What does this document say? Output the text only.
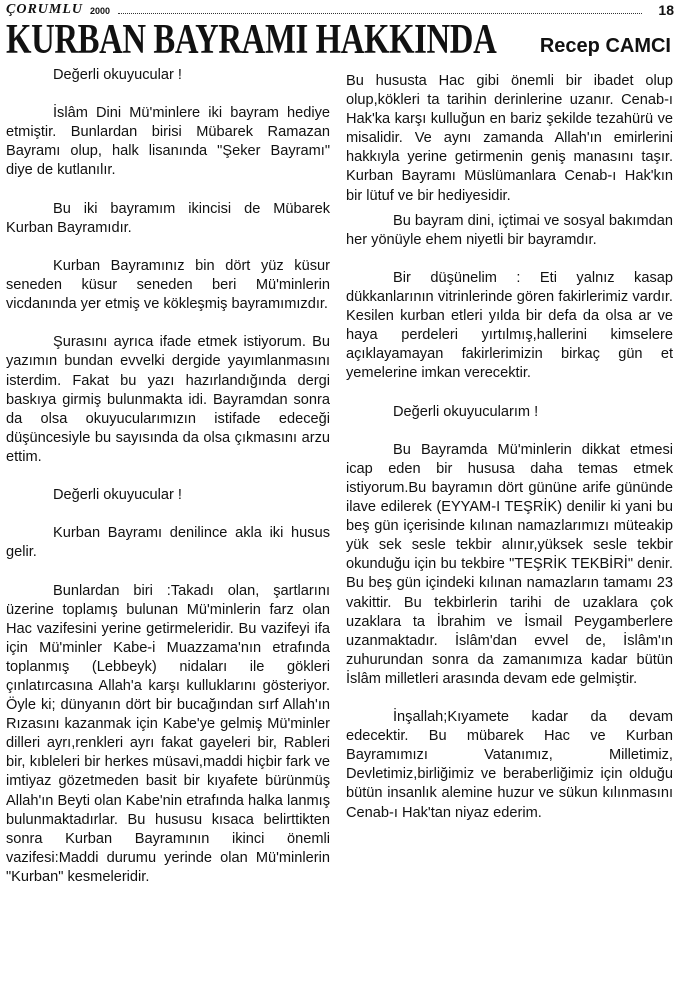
ÇORUMLU 2000	18
KURBAN BAYRAMI HAKKINDA Recep CAMCI

Değerli okuyucular !

İslâm Dini Mü'minlere iki bayram hediye etmiştir. Bunlardan birisi Mübarek Ramazan Bayramı olup, halk lisanında "Şeker Bayramı" diye de kutlanılır.

Bu iki bayramım ikincisi de Mübarek Kurban Bayramıdır.

Kurban Bayramınız bin dört yüz küsur seneden küsur seneden beri Mü'minlerin vicdanında yer etmiş ve kökleşmiş bayramımızdır.

Şurasını ayrıca ifade etmek istiyorum. Bu yazımın bundan evvelki dergide yayımlanmasını isterdim. Fakat bu yazı hazırlandığında dergi baskıya girmiş bulunmakta idi. Bayramdan sonra da olsa okuyucularımızın istifade edeceği düşüncesiyle bu sayısında da olsa çıkmasını arzu ettim.

Değerli okuyucular !

Kurban Bayramı denilince akla iki husus gelir.

Bunlardan biri :Takadı olan, şartlarını üzerine toplamış bulunan Mü'minlerin farz olan Hac vazifesini yerine getirmeleridir. Bu vazifeyi ifa için Mü'minler Kabe-i Muazzama'nın etrafında toplanmış (Lebbeyk) nidaları ile gökleri çınlatırcasına Allah'a karşı kulluklarını gösteriyor. Öyle ki; dünyanın dört bir bucağından sırf Allah'ın Rızasını kazanmak için Kabe'ye gelmiş Mü'minler dilleri ayrı,renkleri ayrı fakat gayeleri bir, Rableri bir, kıbleleri bir herkes müsavi,maddi hiçbir fark ve imtiyaz gözetmeden basit bir kıyafete bürünmüş Allah'ın Beyti olan Kabe'nin etrafında halka lanmış bulunmaktadırlar. Bu hususu kısaca belirttikten sonra Kurban Bayramının ikinci önemli vazifesi:Maddi durumu yerinde olan Mü'minlerin "Kurban" kesmeleridir.

Bu hususta Hac gibi önemli bir ibadet olup olup,kökleri ta tarihin derinlerine uzanır. Cenab-ı Hak'ka karşı kulluğun en bariz şekilde tezahürü ve misalidir. Ve aynı zamanda Allah'ın emirlerini hakkıyla yerine getirmenin geniş manasını taşır. Kurban Bayramı Müslümanlara Cenab-ı Hak'kın bir lütuf ve bir hediyesidir.

Bu bayram dini, içtimai ve sosyal bakımdan her yönüyle ehem niyetli bir bayramdır.

Bir düşünelim : Eti yalnız kasap dükkanlarının vitrinlerinde gören fakirlerimiz vardır. Kesilen kurban etleri yılda bir defa da olsa ar ve haya perdeleri yırtılmış,hallerini kimselere açıklayamayan fakirlerimizin birkaç gün et yemelerine imkan verecektir.

Değerli okuyucularım !

Bu Bayramda Mü'minlerin dikkat etmesi icap eden bir hususa daha temas etmek istiyorum.Bu bayramın dört gününe arife gününde ilave edilerek (EYYAM-I TEŞRİK) denilir ki yani bu beş gün içerisinde kılınan namazlarımızı müteakip yük sek sesle tekbir alınır,yüksek sesle tekbir okunduğu için bu tekbire "TEŞRİK TEKBİRİ" denir. Bu beş gün içindeki kılınan namazların tamamı 23 vakittir. Bu tekbirlerin tarihi de uzaklara çok uzaklara ta İbrahim ve İsmail Peygamberlere uzanmaktadır. İslâm'dan evvel de, İslâm'ın zuhurundan sonra da zamanımıza kadar bütün İslâm milletleri arasında devam ede gelmiştir.

İnşallah;Kıyamete kadar da devam edecektir. Bu mübarek Hac ve Kurban Bayramımızı Vatanımız, Milletimiz, Devletimiz,birliğimiz ve beraberliğimiz için olduğu bütün insanlık alemine huzur ve sükun kılınmasını Cenab-ı Hak'tan niyaz ederim.
